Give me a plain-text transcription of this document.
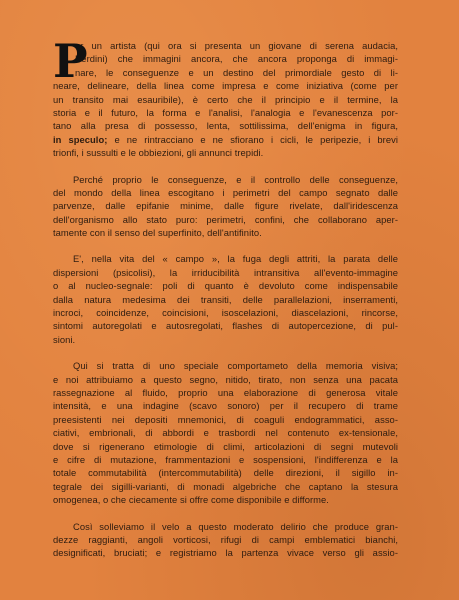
P
er un artista (qui ora si presenta un giovane di serena audacia,
Berdini) che immagini ancora, che ancora proponga di immagi-
nare, le conseguenze e un destino del primordiale gesto di li-
neare, delineare, della linea come impresa e come iniziativa (come per
un transito mai esauribile), è certo che il principio e il termine, la
storia e il futuro, la forma e l'analisi, l'analogia e l'evanescenza por-
tano alla presa di possesso, lenta, sottilissima, dell'enigma in figura,
in speculo; e ne rintracciano e ne sfiorano i cicli, le peripezie, i brevi
trionfi, i sussulti e le obbiezioni, gli annunci trepidi.
Perché proprio le conseguenze, e il controllo delle conseguenze,
del mondo della linea escogitano i perimetri del campo segnato dalle
parvenze, dalle epifanie minime, dalle figure rivelate, dall'iridescenza
dell'organismo allo stato puro: perimetri, confini, che collaborano aper-
tamente con il senso del superfinito, dell'antifinito.
E', nella vita del « campo », la fuga degli attriti, la parata delle
dispersioni (psicolisi), la irriducibilità intransitiva all'evento-immagine
o al nucleo-segnale: poli di quanto è devoluto come indispensabile
dalla natura medesima dei transiti, delle parallelazioni, inserramenti,
incroci, coincidenze, coincisioni, isoscelazioni, diascelazioni, rincorse,
sintomi autoregolati e autosregolati, flashes di autopercezione, di pul-
sioni.
Qui si tratta di uno speciale comportameto della memoria visiva;
e noi attribuiamo a questo segno, nitido, tirato, non senza una pacata
rassegnazione al fluido, proprio una elaborazione di generosa vitale
intensità, e una indagine (scavo sonoro) per il recupero di trame
preesistenti nei depositi mnemonici, di coaguli endogrammatici, asso-
ciativi, embrionali, di abbordi e trasbordi nel contenuto ex-tensionale,
dove si rigenerano etimologie di climi, articolazioni di segni mutevoli
e cifre di mutazione, frammentazioni e sospensioni, l'indifferenza e la
totale commutabilità (intercommutabilità) delle direzioni, il sigillo in-
tegrale dei sigilli-varianti, di monadi algebriche che captano la stesura
omogenea, o che ciecamente si offre come disponibile e difforme.
Così solleviamo il velo a questo moderato delirio che produce gran-
dezze raggianti, angoli vorticosi, rifugi di campi emblematici bianchi,
designificati, bruciati; e registriamo la partenza vivace verso gli assio-
